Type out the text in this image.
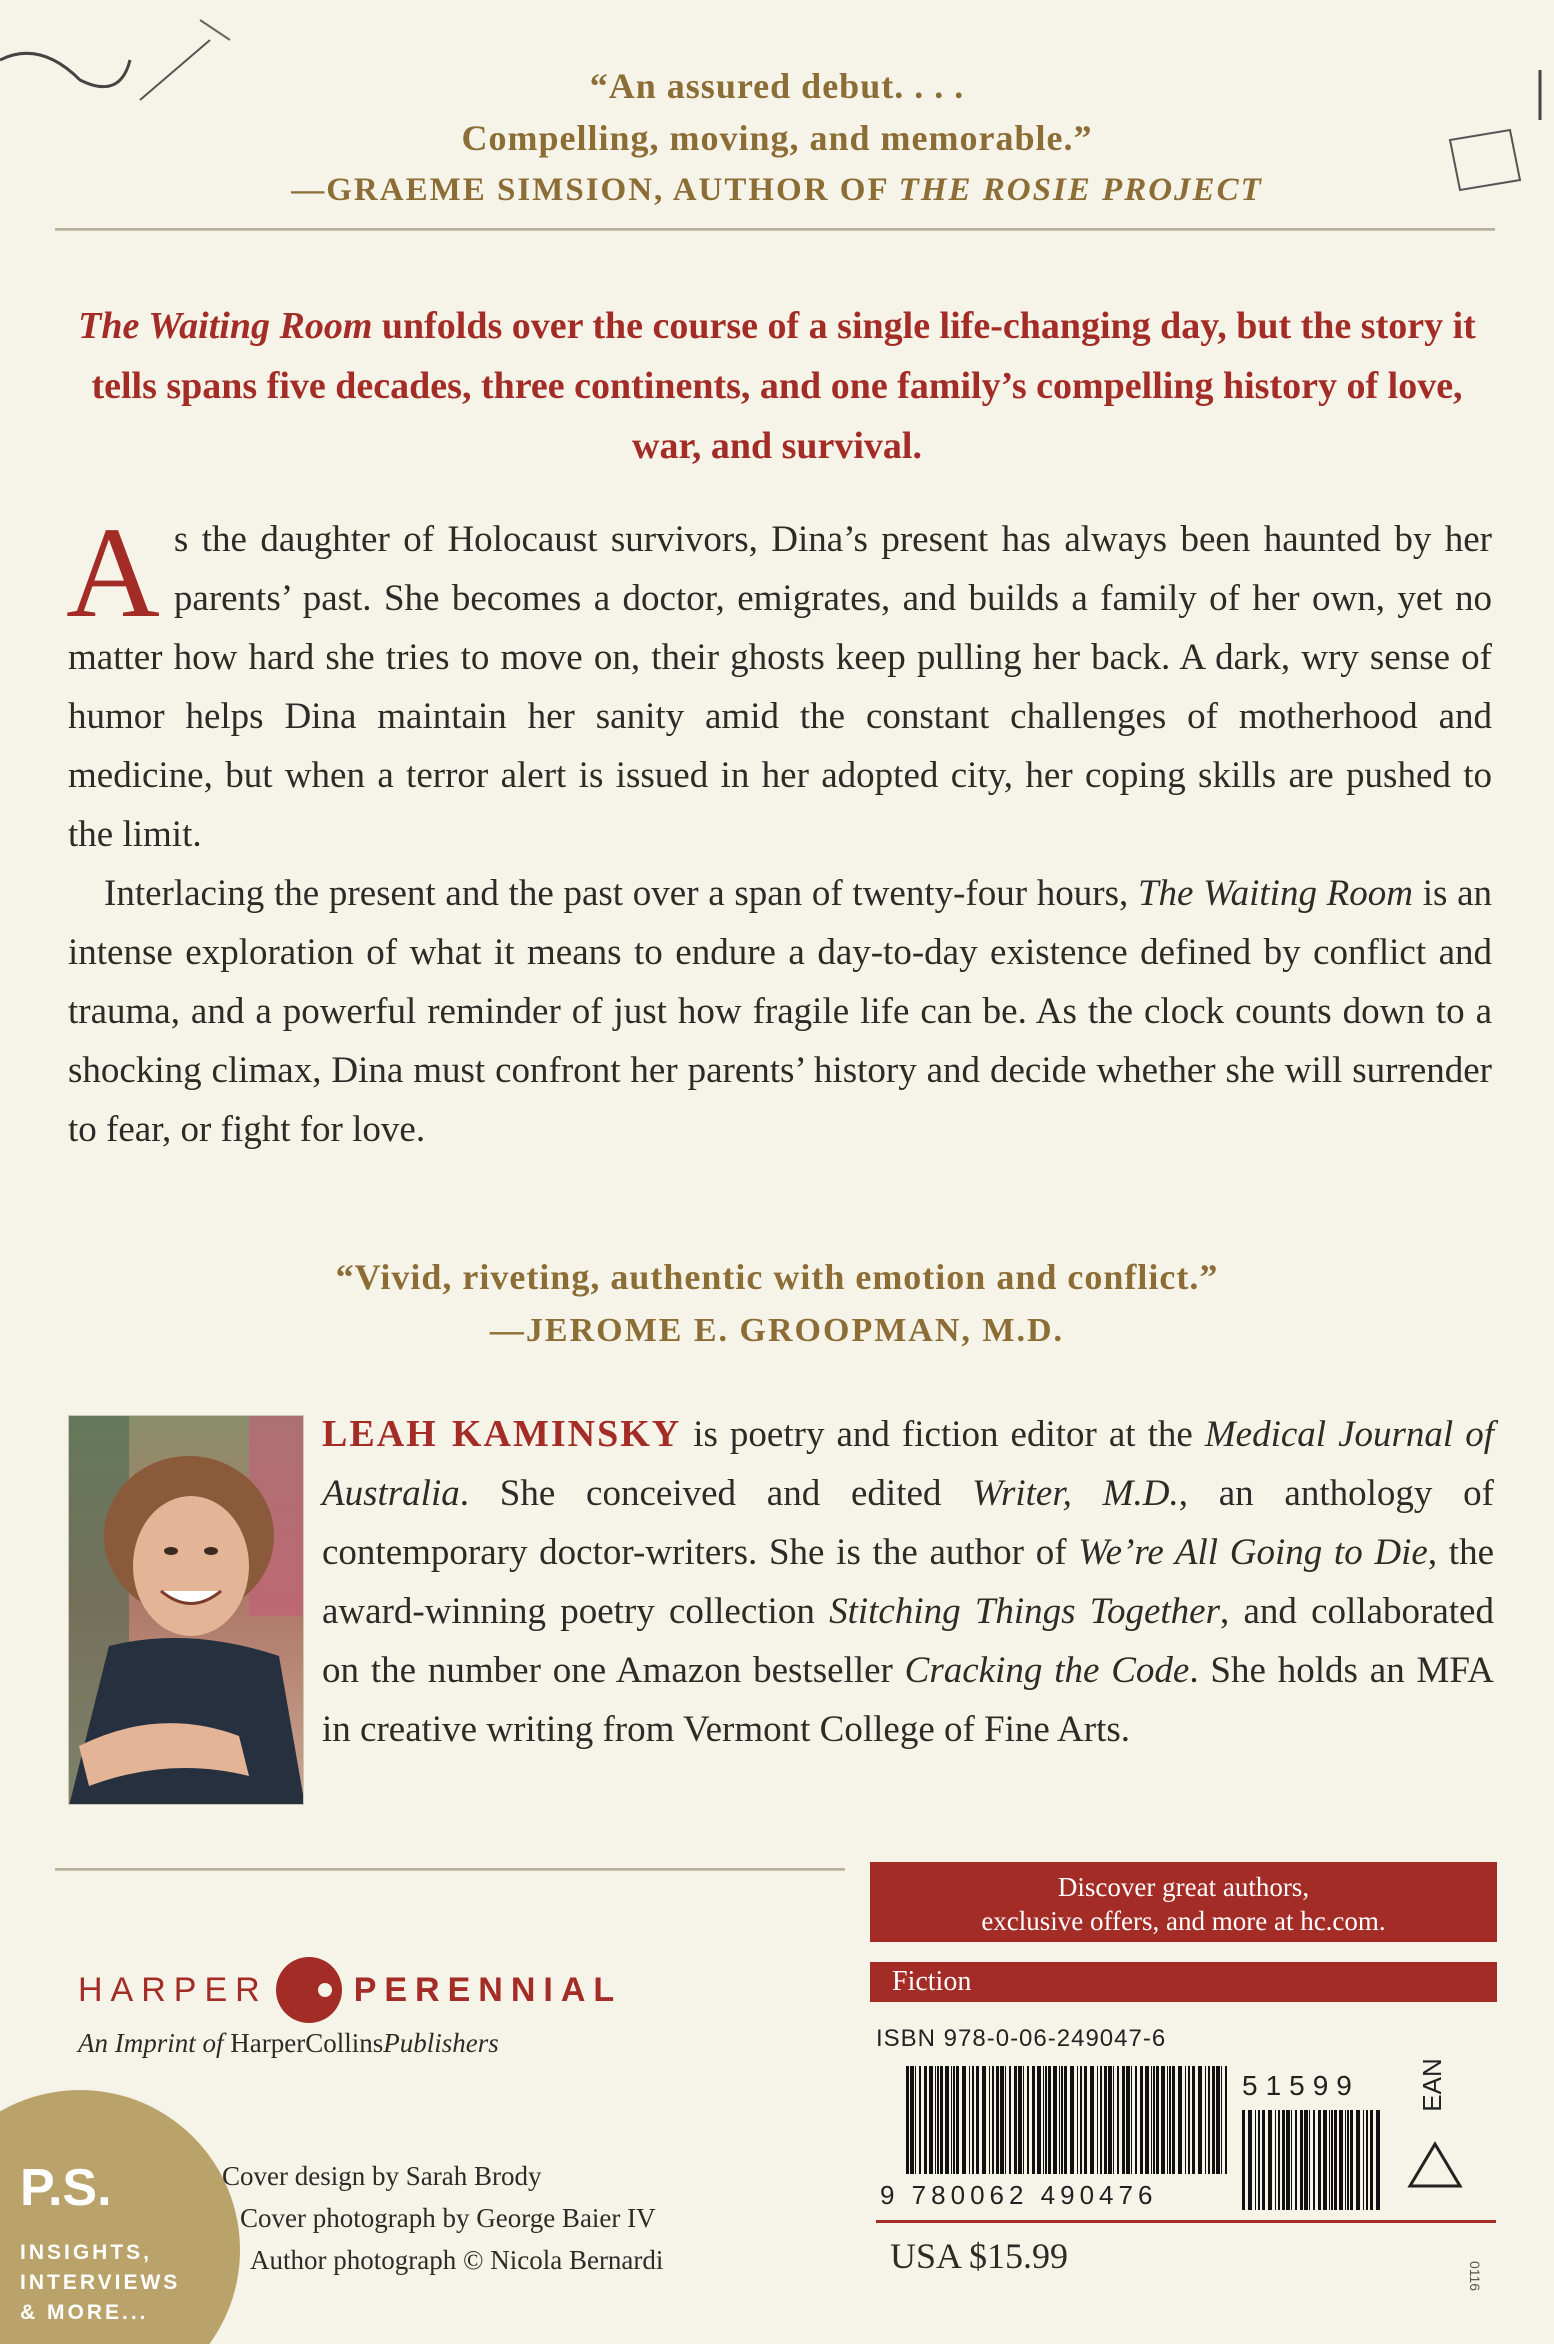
“An assured debut. . . .
Compelling, moving, and memorable.”
—GRAEME SIMSION, AUTHOR OF THE ROSIE PROJECT
The Waiting Room unfolds over the course of a single life-changing day, but the story it tells spans five decades, three continents, and one family’s compelling history of love, war, and survival.

As the daughter of Holocaust survivors, Dina’s present has always been haunted by her parents’ past. She becomes a doctor, emigrates, and builds a family of her own, yet no matter how hard she tries to move on, their ghosts keep pulling her back. A dark, wry sense of humor helps Dina maintain her sanity amid the constant challenges of motherhood and medicine, but when a terror alert is issued in her adopted city, her coping skills are pushed to the limit.

Interlacing the present and the past over a span of twenty-four hours, The Waiting Room is an intense exploration of what it means to endure a day-to-day existence defined by conflict and trauma, and a powerful reminder of just how fragile life can be. As the clock counts down to a shocking climax, Dina must confront her parents’ history and decide whether she will surrender to fear, or fight for love.

“Vivid, riveting, authentic with emotion and conflict.”
—JEROME E. GROOPMAN, M.D.
LEAH KAMINSKY is poetry and fiction editor at the Medical Journal of Australia. She conceived and edited Writer, M.D., an anthology of contemporary doctor-writers. She is the author of We’re All Going to Die, the award-winning poetry collection Stitching Things Together, and collaborated on the number one Amazon bestseller Cracking the Code. She holds an MFA in creative writing from Vermont College of Fine Arts.
HARPER	PERENNIAL
An Imprint of HarperCollinsPublishers
P.S.
INSIGHTS,
INTERVIEWS
& MORE...
Cover design by Sarah Brody
Cover photograph by George Baier IV
Author photograph © Nicola Bernardi
Discover great authors,
exclusive offers, and more at hc.com.
Fiction
ISBN 978-0-06-249047-6
9 780062 490476
51599	EAN
USA $15.99	0116
